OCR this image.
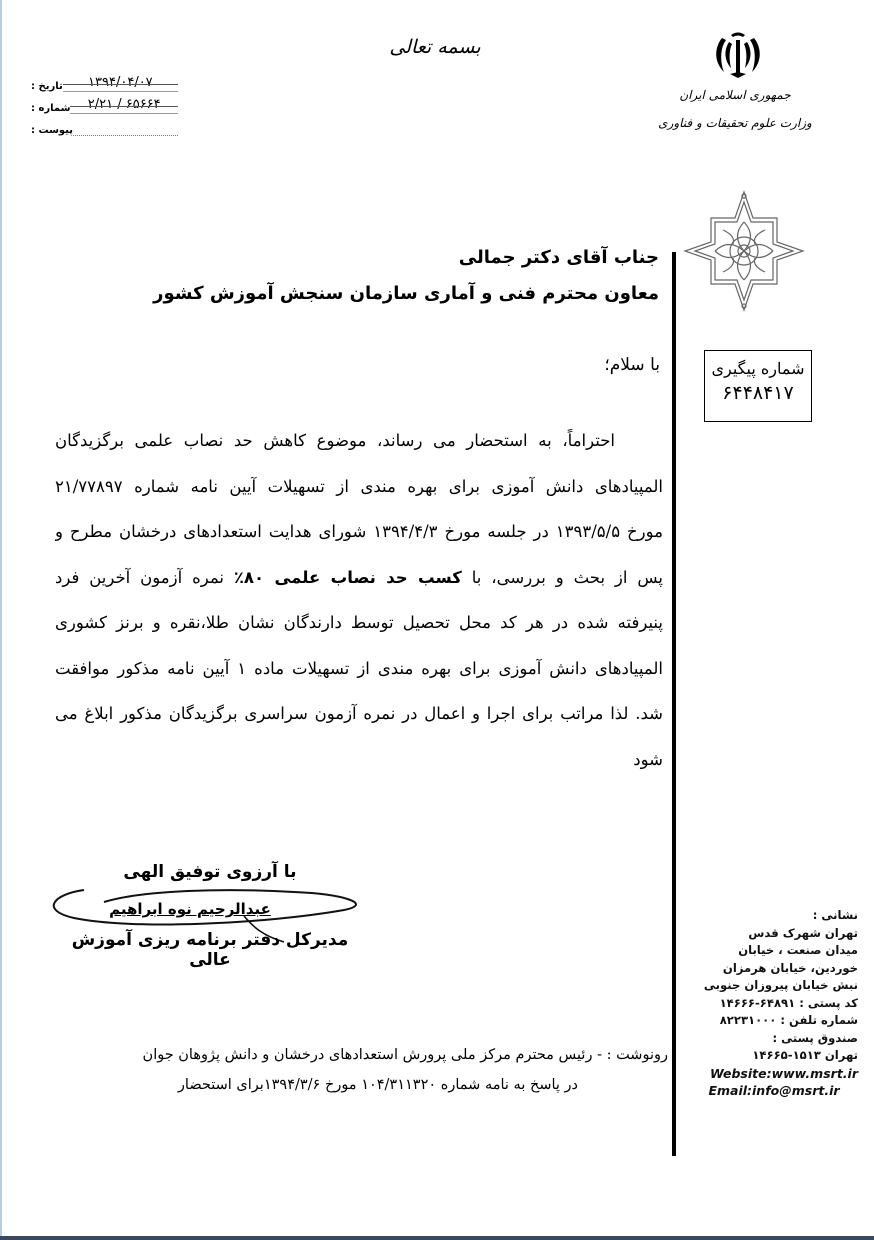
تاریخ :	۱۳۹۴/۰۴/۰۷
شماره :	۲/۲۱ / ۶۵۶۶۴
پیوست :
بسمه تعالی
جمهوری اسلامی ایران
وزارت علوم تحقیقات و فناوری
شماره پیگیری
۶۴۴۸۴۱۷
جناب آقای دکتر جمالی
معاون محترم فنی و آماری سازمان سنجش آموزش کشور
با سلام؛
احتراماً، به استحضار می رساند، موضوع کاهش حد نصاب علمی برگزیدگان
المپیادهای دانش آموزی برای بهره مندی از تسهیلات آیین نامه شماره ۲۱/۷۷۸۹۷
مورخ ۱۳۹۳/۵/۵ در جلسه مورخ ۱۳۹۴/۴/۳ شورای هدایت استعدادهای درخشان مطرح و
پس از بحث و بررسی، با کسب حد نصاب علمی ۸۰٪ نمره آزمون آخرین فرد
پنیرفته شده در هر کد محل تحصیل توسط دارندگان نشان طلا،نقره و برنز کشوری
المپیادهای دانش آموزی برای بهره مندی از تسهیلات ماده ۱ آیین نامه مذکور موافقت
شد. لذا مراتب برای اجرا و اعمال در نمره آزمون سراسری برگزیدگان مذکور ابلاغ می
شود
با آرزوی توفیق الهی
عبدالرحیم نوه ابراهیم
مدیرکل دفتر برنامه ریزی آموزش عالی
رونوشت : - رئیس محترم مرکز ملی پرورش استعدادهای درخشان و دانش پژوهان جوان
در پاسخ به نامه شماره ۱۰۴/۳۱۱۳۲۰ مورخ ۱۳۹۴/۳/۶برای استحضار
نشانی :
تهران شهرک قدس
میدان صنعت ، خیابان
خوردین، خیابان هرمزان
نبش خیابان پیروزان جنوبی
کد پستی : ۶۴۸۹۱-۱۴۶۶۶
شماره تلفن : ۸۲۲۳۱۰۰۰
صندوق پستی :
تهران ۱۵۱۳-۱۴۶۶۵
Website:www.msrt.ir
Email:info@msrt.ir
